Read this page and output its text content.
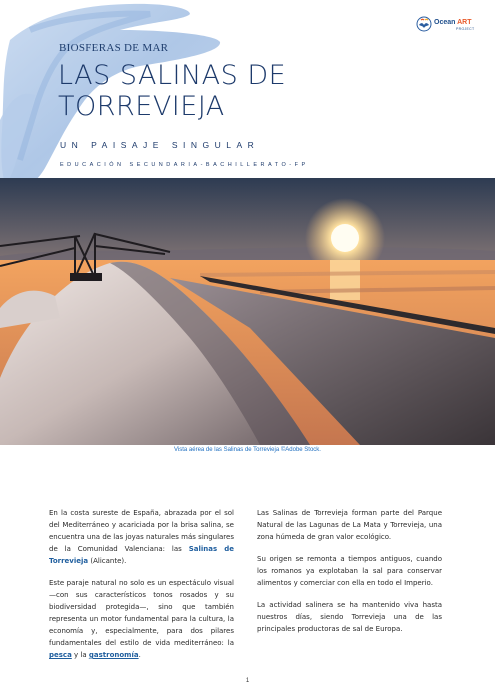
Ocean ART
PROJECT
BIOSFERAS DE MAR
LAS SALINAS DE
TORREVIEJA
UN PAISAJE SINGULAR
EDUCACIÓN SECUNDARIA-BACHILLERATO-FP
Vista aérea de las Salinas de Torrevieja ©Adobe Stock.

En la costa sureste de España, abrazada por el sol del Mediterráneo y acariciada por la brisa salina, se encuentra una de las joyas naturales más singulares de la Comunidad Valenciana: las Salinas de Torrevieja (Alicante).

Este paraje natural no solo es un espectáculo visual —con sus característicos tonos rosados y su biodiversidad protegida—, sino que también representa un motor fundamental para la cultura, la economía y, especialmente, para dos pilares fundamentales del estilo de vida mediterráneo: la pesca y la gastronomía.

Las Salinas de Torrevieja forman parte del Parque Natural de las Lagunas de La Mata y Torrevieja, una zona húmeda de gran valor ecológico.

Su origen se remonta a tiempos antiguos, cuando los romanos ya explotaban la sal para conservar alimentos y comerciar con ella en todo el Imperio.

La actividad salinera se ha mantenido viva hasta nuestros días, siendo Torrevieja una de las principales productoras de sal de Europa.

1
